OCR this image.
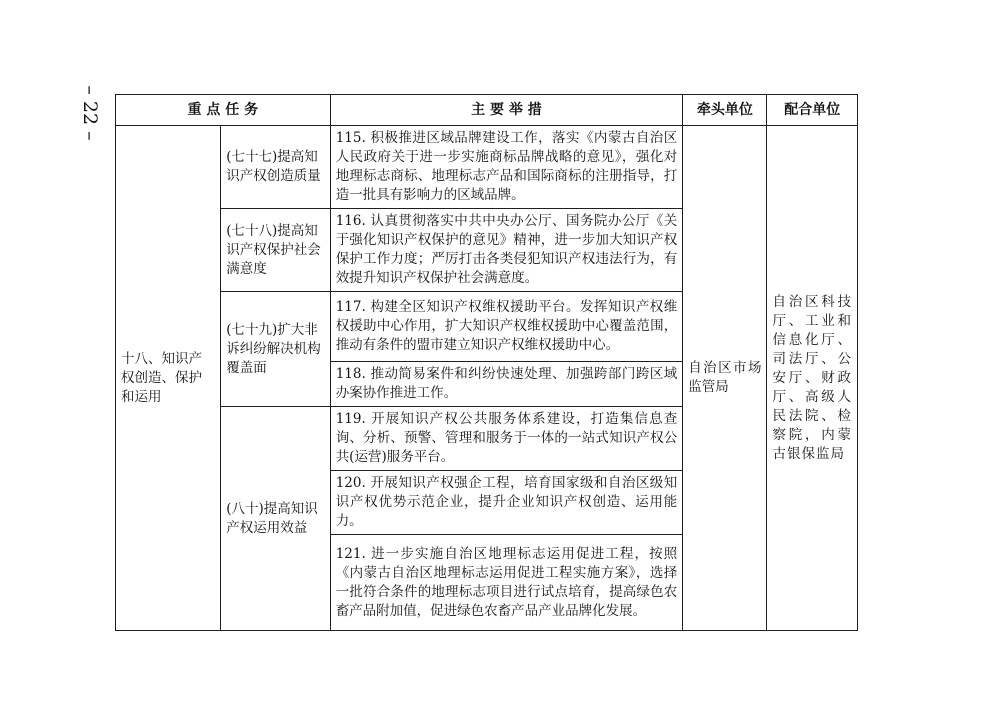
– 22 –	重 点 任 务		主 要 举 措	牵头单位	配合单位
十八、知识产权创造、保护和运用	(七十七)提高知识产权创造质量	115. 积极推进区域品牌建设工作，落实《内蒙古自治区人民政府关于进一步实施商标品牌战略的意见》，强化对地理标志商标、地理标志产品和国际商标的注册指导，打造一批具有影响力的区域品牌。	自治区市场监管局	自治区科技厅、工业和信息化厅、司法厅、公安厅、财政厅、高级人民法院、检察院，内蒙古银保监局
	(七十八)提高知识产权保护社会满意度	116. 认真贯彻落实中共中央办公厅、国务院办公厅《关于强化知识产权保护的意见》精神，进一步加大知识产权保护工作力度；严厉打击各类侵犯知识产权违法行为，有效提升知识产权保护社会满意度。		
	(七十九)扩大非诉纠纷解决机构覆盖面	117. 构建全区知识产权维权援助平台。发挥知识产权维权援助中心作用，扩大知识产权维权援助中心覆盖范围，推动有条件的盟市建立知识产权维权援助中心。		
		118. 推动简易案件和纠纷快速处理、加强跨部门跨区域办案协作推进工作。		
	(八十)提高知识产权运用效益	119. 开展知识产权公共服务体系建设，打造集信息查询、分析、预警、管理和服务于一体的一站式知识产权公共(运营)服务平台。		
		120. 开展知识产权强企工程，培育国家级和自治区级知识产权优势示范企业，提升企业知识产权创造、运用能力。		
		121. 进一步实施自治区地理标志运用促进工程，按照《内蒙古自治区地理标志运用促进工程实施方案》，选择一批符合条件的地理标志项目进行试点培育，提高绿色农畜产品附加值，促进绿色农畜产品产业品牌化发展。		
